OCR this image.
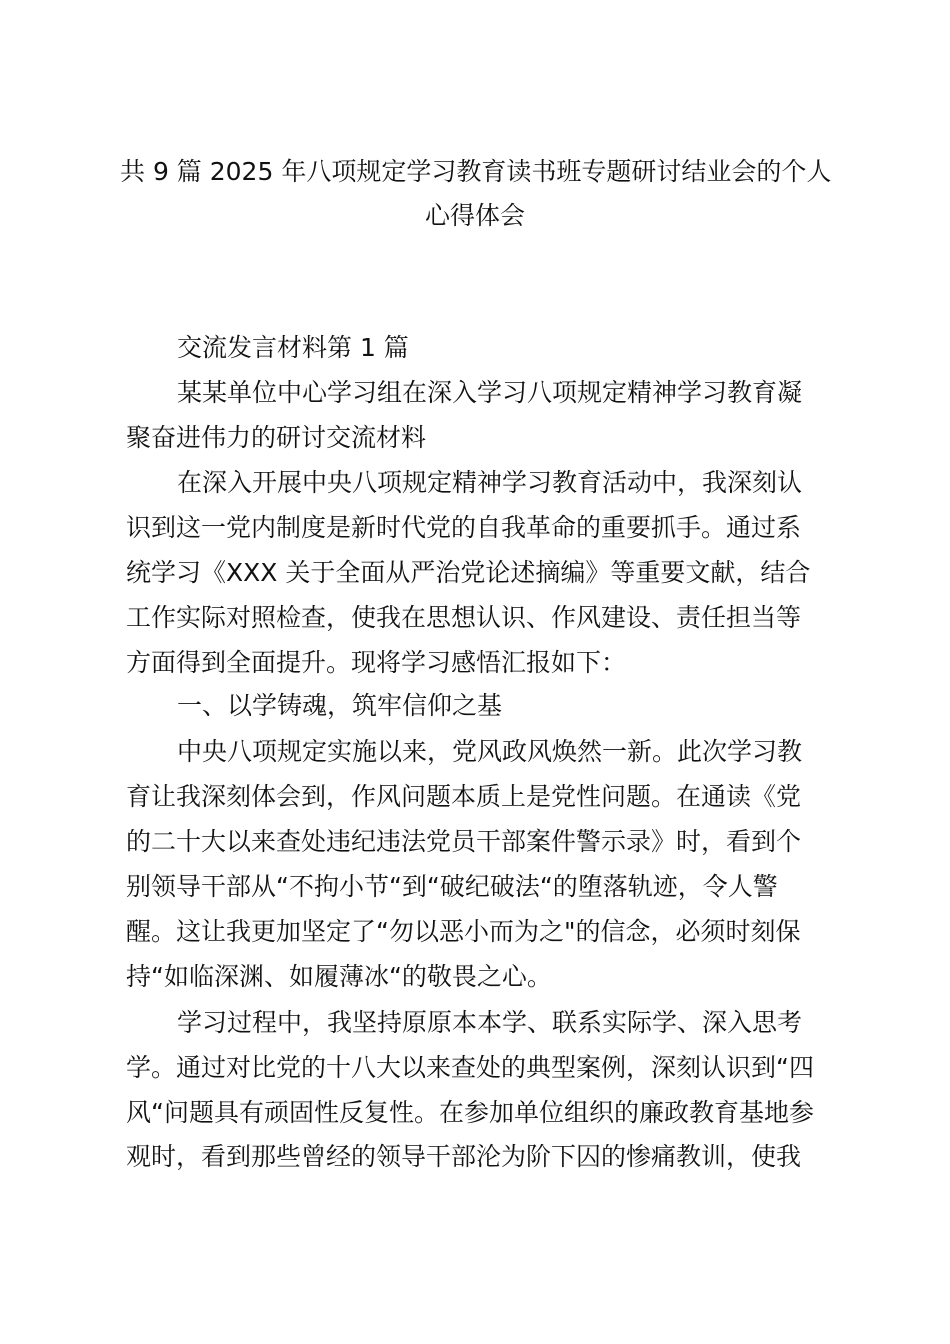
共 9 篇 2025 年八项规定学习教育读书班专题研讨结业会的个人
心得体会

交流发言材料第 1 篇

某某单位中心学习组在深入学习八项规定精神学习教育凝

聚奋进伟力的研讨交流材料

在深入开展中央八项规定精神学习教育活动中，我深刻认

识到这一党内制度是新时代党的自我革命的重要抓手。通过系

统学习《XXX 关于全面从严治党论述摘编》等重要文献，结合

工作实际对照检查，使我在思想认识、作风建设、责任担当等

方面得到全面提升。现将学习感悟汇报如下：

一、以学铸魂，筑牢信仰之基

中央八项规定实施以来，党风政风焕然一新。此次学习教

育让我深刻体会到，作风问题本质上是党性问题。在通读《党

的二十大以来查处违纪违法党员干部案件警示录》时，看到个

别领导干部从“不拘小节“到“破纪破法“的堕落轨迹，令人警

醒。这让我更加坚定了“勿以恶小而为之"的信念，必须时刻保

持“如临深渊、如履薄冰“的敬畏之心。

学习过程中，我坚持原原本本学、联系实际学、深入思考

学。通过对比党的十八大以来查处的典型案例，深刻认识到“四

风“问题具有顽固性反复性。在参加单位组织的廉政教育基地参

观时，看到那些曾经的领导干部沦为阶下囚的惨痛教训，使我
